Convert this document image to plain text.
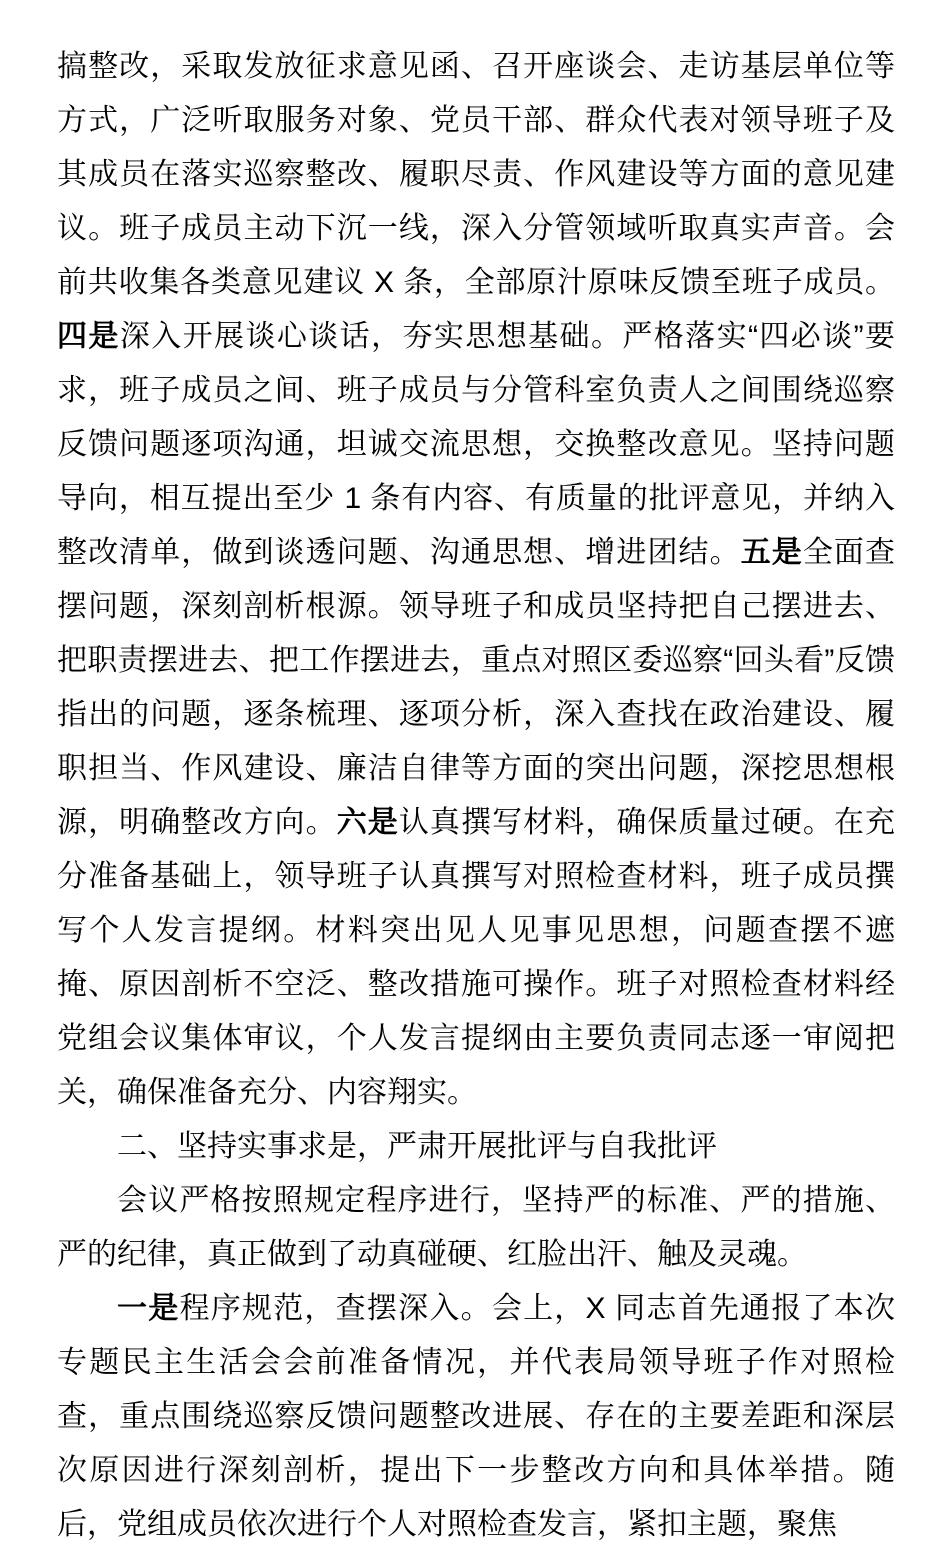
搞整改，采取发放征求意见函、召开座谈会、走访基层单位等方式，广泛听取服务对象、党员干部、群众代表对领导班子及其成员在落实巡察整改、履职尽责、作风建设等方面的意见建议。班子成员主动下沉一线，深入分管领域听取真实声音。会前共收集各类意见建议 X 条，全部原汁原味反馈至班子成员。四是深入开展谈心谈话，夯实思想基础。严格落实“四必谈”要求，班子成员之间、班子成员与分管科室负责人之间围绕巡察反馈问题逐项沟通，坦诚交流思想，交换整改意见。坚持问题导向，相互提出至少 1 条有内容、有质量的批评意见，并纳入整改清单，做到谈透问题、沟通思想、增进团结。五是全面查摆问题，深刻剖析根源。领导班子和成员坚持把自己摆进去、把职责摆进去、把工作摆进去，重点对照区委巡察“回头看”反馈指出的问题，逐条梳理、逐项分析，深入查找在政治建设、履职担当、作风建设、廉洁自律等方面的突出问题，深挖思想根源，明确整改方向。六是认真撰写材料，确保质量过硬。在充分准备基础上，领导班子认真撰写对照检查材料，班子成员撰写个人发言提纲。材料突出见人见事见思想，问题查摆不遮掩、原因剖析不空泛、整改措施可操作。班子对照检查材料经党组会议集体审议，个人发言提纲由主要负责同志逐一审阅把关，确保准备充分、内容翔实。

二、坚持实事求是，严肃开展批评与自我批评

会议严格按照规定程序进行，坚持严的标准、严的措施、严的纪律，真正做到了动真碰硬、红脸出汗、触及灵魂。

一是程序规范，查摆深入。会上，X 同志首先通报了本次专题民主生活会会前准备情况，并代表局领导班子作对照检查，重点围绕巡察反馈问题整改进展、存在的主要差距和深层次原因进行深刻剖析，提出下一步整改方向和具体举措。随后，党组成员依次进行个人对照检查发言，紧扣主题，聚焦
